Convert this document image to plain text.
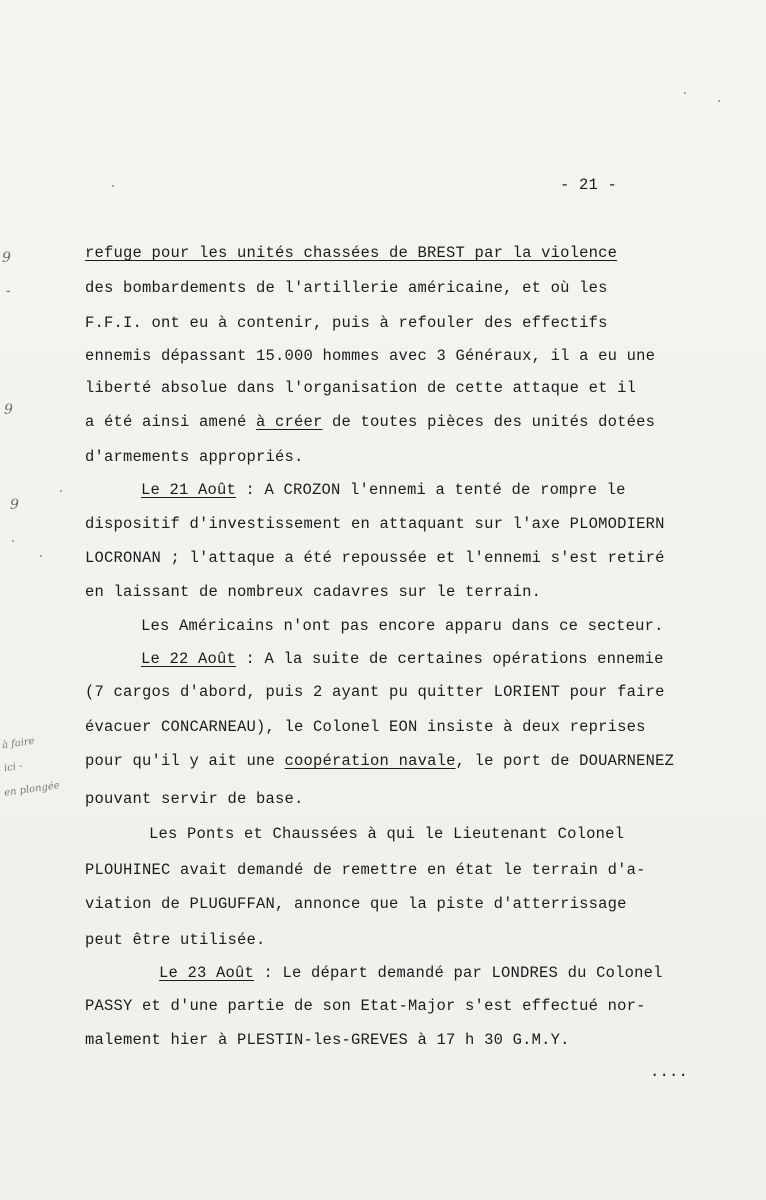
- 21 -
refuge pour les unités chassées de BREST par la violence
des bombardements de l'artillerie américaine, et où les
F.F.I. ont eu à contenir, puis à refouler des effectifs
ennemis dépassant 15.000 hommes avec 3 Généraux, il a eu une
liberté absolue dans l'organisation de cette attaque et il
a été ainsi amené à créer de toutes pièces des unités dotées
d'armements appropriés.
Le 21 Août : A CROZON l'ennemi a tenté de rompre le
dispositif d'investissement en attaquant sur l'axe PLOMODIERN
LOCRONAN ; l'attaque a été repoussée et l'ennemi s'est retiré
en laissant de nombreux cadavres sur le terrain.
Les Américains n'ont pas encore apparu dans ce secteur.
Le 22 Août : A la suite de certaines opérations ennemie
(7 cargos d'abord, puis 2 ayant pu quitter LORIENT pour faire
évacuer CONCARNEAU), le Colonel EON insiste à deux reprises
pour qu'il y ait une coopération navale, le port de DOUARNENEZ
pouvant servir de base.
Les Ponts et Chaussées à qui le Lieutenant Colonel
PLOUHINEC avait demandé de remettre en état le terrain d'a-
viation de PLUGUFFAN, annonce que la piste d'atterrissage
peut être utilisée.
Le 23 Août : Le départ demandé par LONDRES du Colonel
PASSY et d'une partie de son Etat-Major s'est effectué nor-
malement hier à PLESTIN-les-GREVES à 17 h 30 G.M.Y.
....
9
-
9
9
à faire
ici -
en plongée
